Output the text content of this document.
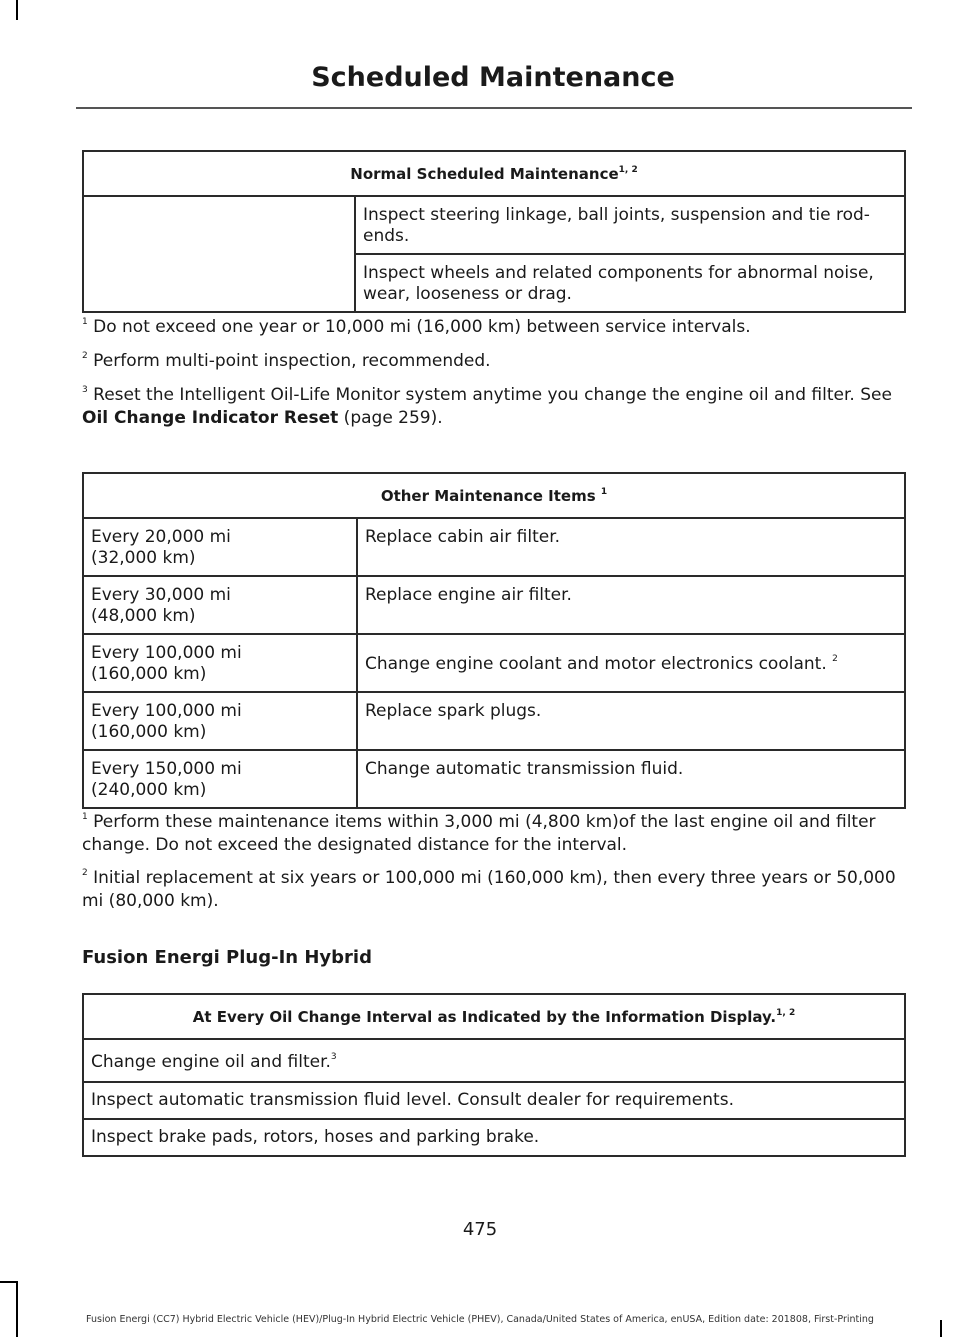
Scheduled Maintenance
Normal Scheduled Maintenance$^{1, 2}$
	Inspect steering linkage, ball joints, suspension and tie rod-ends.
Inspect wheels and related components for abnormal noise, wear, looseness or drag.
$^1$ Do not exceed one year or 10,000 mi (16,000 km) between service intervals.
$^2$ Perform multi-point inspection, recommended.
$^3$ Reset the Intelligent Oil-Life Monitor system anytime you change the engine oil and filter. See Oil Change Indicator Reset (page 259).
Other Maintenance Items $^1$
Every 20,000 mi
(32,000 km)	Replace cabin air filter.
Every 30,000 mi
(48,000 km)	Replace engine air filter.
Every 100,000 mi
(160,000 km)	Change engine coolant and motor electronics coolant. $^2$
Every 100,000 mi
(160,000 km)	Replace spark plugs.
Every 150,000 mi
(240,000 km)	Change automatic transmission fluid.
$^1$ Perform these maintenance items within 3,000 mi (4,800 km)of the last engine oil and filter change. Do not exceed the designated distance for the interval.
$^2$ Initial replacement at six years or 100,000 mi (160,000 km), then every three years or 50,000 mi (80,000 km).
Fusion Energi Plug-In Hybrid
At Every Oil Change Interval as Indicated by the Information Display.$^{1, 2}$
Change engine oil and filter.$^3$
Inspect automatic transmission fluid level. Consult dealer for requirements.
Inspect brake pads, rotors, hoses and parking brake.
475
Fusion Energi (CC7) Hybrid Electric Vehicle (HEV)/Plug-In Hybrid Electric Vehicle (PHEV), Canada/United States of America, enUSA, Edition date: 201808, First-Printing
